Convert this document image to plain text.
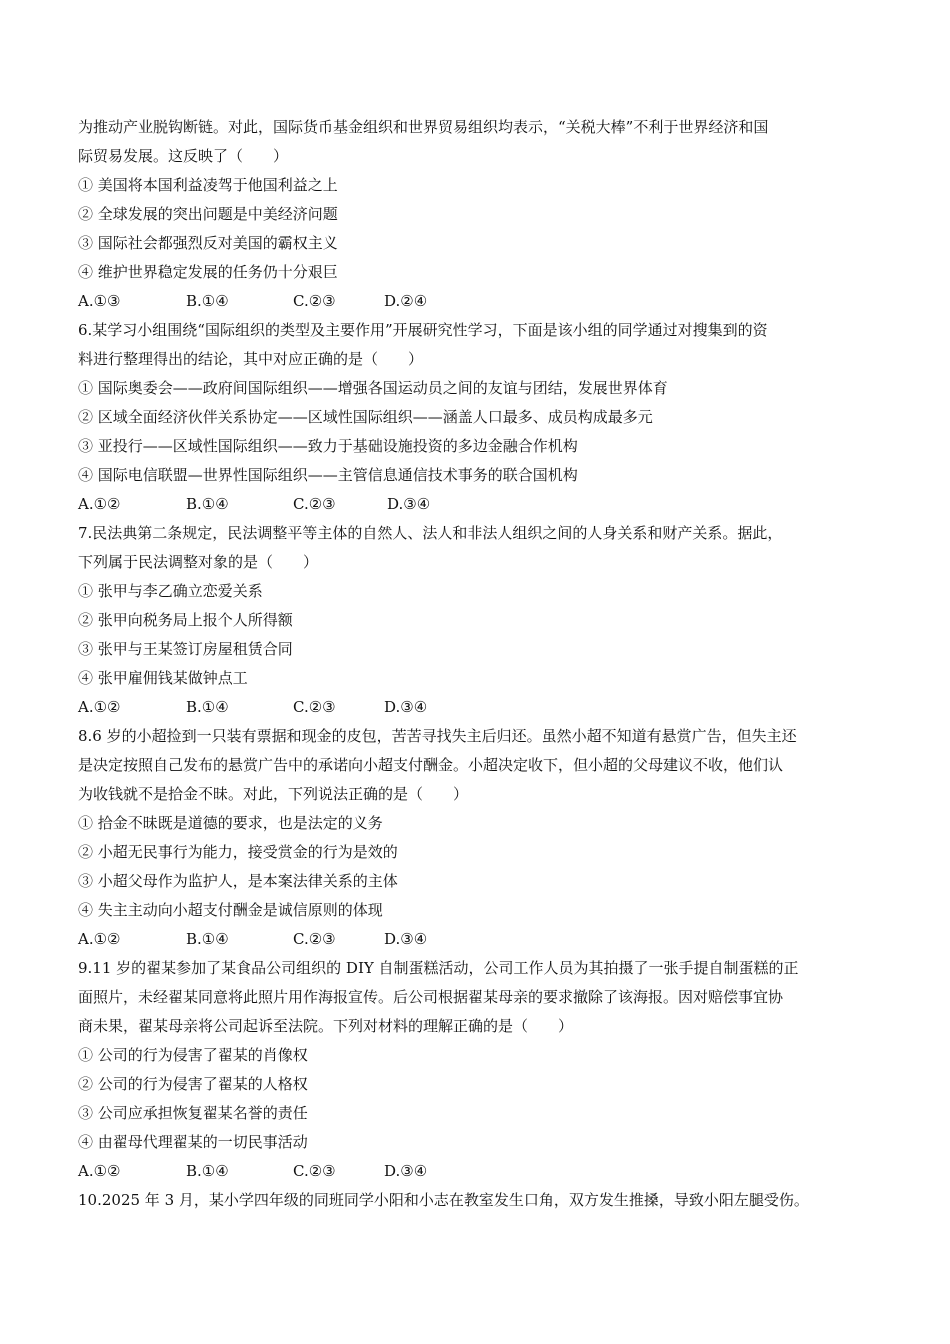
为推动产业脱钩断链。对此，国际货币基金组织和世界贸易组织均表示，“关税大棒”不利于世界经济和国
际贸易发展。这反映了（　　）
① 美国将本国利益凌驾于他国利益之上
② 全球发展的突出问题是中美经济问题
③ 国际社会都强烈反对美国的霸权主义
④ 维护世界稳定发展的任务仍十分艰巨
A.①③	B.①④	C.②③	D.②④
6.某学习小组围绕“国际组织的类型及主要作用”开展研究性学习，下面是该小组的同学通过对搜集到的资
料进行整理得出的结论，其中对应正确的是（　　）
① 国际奥委会——政府间国际组织——增强各国运动员之间的友谊与团结，发展世界体育
② 区域全面经济伙伴关系协定——区域性国际组织——涵盖人口最多、成员构成最多元
③ 亚投行——区域性国际组织——致力于基础设施投资的多边金融合作机构
④ 国际电信联盟—世界性国际组织——主管信息通信技术事务的联合国机构
A.①②	B.①④	C.②③	D.③④
7.民法典第二条规定，民法调整平等主体的自然人、法人和非法人组织之间的人身关系和财产关系。据此，
下列属于民法调整对象的是（　　）
① 张甲与李乙确立恋爱关系
② 张甲向税务局上报个人所得额
③ 张甲与王某签订房屋租赁合同
④ 张甲雇佣钱某做钟点工
A.①②	B.①④	C.②③	D.③④
8.6 岁的小超捡到一只装有票据和现金的皮包，苦苦寻找失主后归还。虽然小超不知道有悬赏广告，但失主还
是决定按照自己发布的悬赏广告中的承诺向小超支付酬金。小超决定收下，但小超的父母建议不收，他们认
为收钱就不是拾金不昧。对此，下列说法正确的是（　　）
① 拾金不昧既是道德的要求，也是法定的义务
② 小超无民事行为能力，接受赏金的行为是效的
③ 小超父母作为监护人，是本案法律关系的主体
④ 失主主动向小超支付酬金是诚信原则的体现
A.①②	B.①④	C.②③	D.③④
9.11 岁的翟某参加了某食品公司组织的 DIY 自制蛋糕活动，公司工作人员为其拍摄了一张手提自制蛋糕的正
面照片，未经翟某同意将此照片用作海报宣传。后公司根据翟某母亲的要求撤除了该海报。因对赔偿事宜协
商未果，翟某母亲将公司起诉至法院。下列对材料的理解正确的是（　　）
① 公司的行为侵害了翟某的肖像权
② 公司的行为侵害了翟某的人格权
③ 公司应承担恢复翟某名誉的责任
④ 由翟母代理翟某的一切民事活动
A.①②	B.①④	C.②③	D.③④
10.2025 年 3 月，某小学四年级的同班同学小阳和小志在教室发生口角，双方发生推搡，导致小阳左腿受伤。
